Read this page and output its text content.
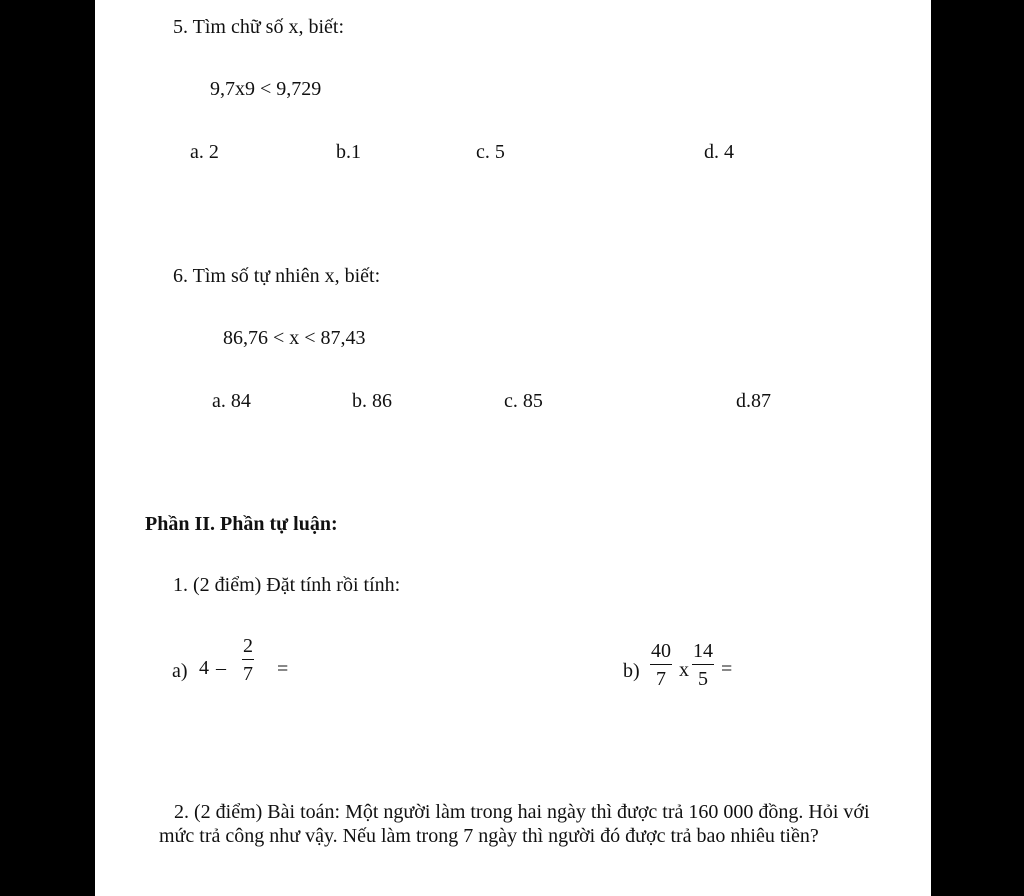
5. Tìm chữ số x, biết:
9,7x9 < 9,729
a. 2	b.1	c. 5	d. 4
6. Tìm số tự nhiên x, biết:
86,76 < x < 87,43
a. 84	b. 86	c. 85	d.87
Phần II. Phần tự luận:
1. (2 điểm) Đặt tính rồi tính:
a) 4 –
2
7 =	b)
40
7 x
14
5 =
2. (2 điểm) Bài toán: Một người làm trong hai ngày thì được trả 160 000 đồng. Hỏi với mức trả công như vậy. Nếu làm trong 7 ngày thì người đó được trả bao nhiêu tiền?
